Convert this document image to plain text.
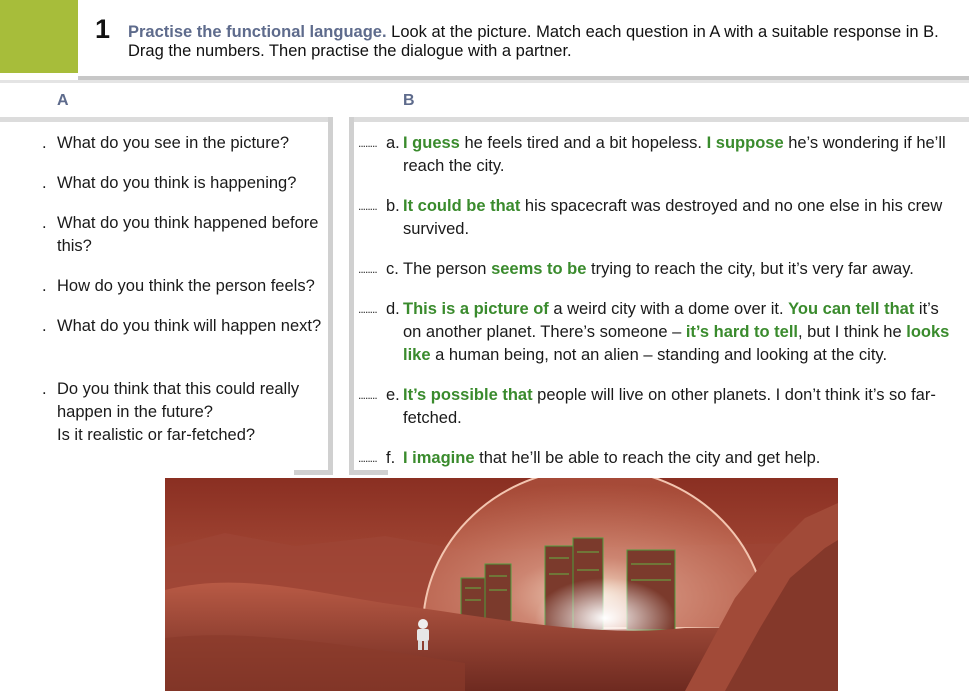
1 Practise the functional language. Look at the picture. Match each question in A with a suitable response in B. Drag the numbers. Then practise the dialogue with a partner.
A	B
. What do you see in the picture?
. What do you think is happening?
. What do you think happened before this?
. How do you think the person feels?
. What do you think will happen next?
. Do you think that this could really happen in the future?
Is it realistic or far-fetched?
........ a. I guess he feels tired and a bit hopeless. I suppose he’s wondering if he’ll reach the city.
........ b. It could be that his spacecraft was destroyed and no one else in his crew survived.
........ c. The person seems to be trying to reach the city, but it’s very far away.
........ d. This is a picture of a weird city with a dome over it. You can tell that it’s on another planet. There’s someone – it’s hard to tell, but I think he looks like a human being, not an alien – standing and looking at the city.
........ e. It’s possible that people will live on other planets. I don’t think it’s so far-fetched.
........ f. I imagine that he’ll be able to reach the city and get help.
